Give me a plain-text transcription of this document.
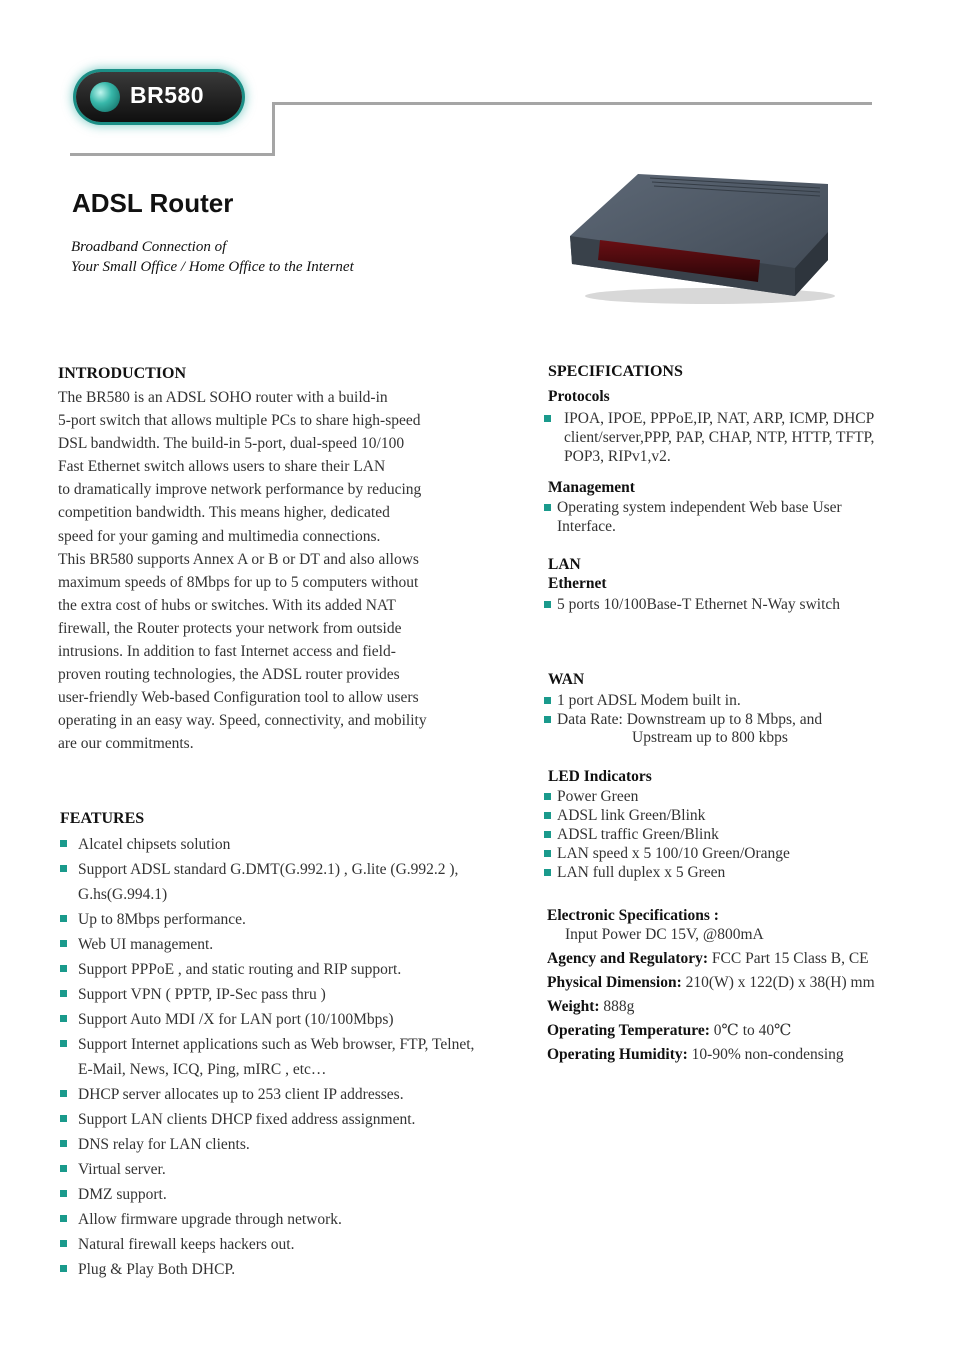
BR580
ADSL Router
Broadband Connection of
Your Small Office / Home Office to the Internet
INTRODUCTION
The BR580 is an ADSL SOHO router with a build-in
5-port switch that allows multiple PCs to share high-speed
DSL bandwidth. The build-in 5-port, dual-speed 10/100
Fast Ethernet switch allows users to share their LAN
to dramatically improve network performance by reducing
competition bandwidth. This means higher, dedicated
speed for your gaming and multimedia connections.
This BR580 supports Annex A or B or DT and also allows
maximum speeds of 8Mbps for up to 5 computers without
the extra cost of hubs or switches. With its added NAT
firewall, the Router protects your network from outside
intrusions. In addition to fast Internet access and field-
proven routing technologies, the ADSL router provides
user-friendly Web-based Configuration tool to allow users
operating in an easy way. Speed, connectivity, and mobility
are our commitments.
FEATURES
Alcatel chipsets solution
Support ADSL standard G.DMT(G.992.1) , G.lite (G.992.2 ), G.hs(G.994.1)
Up to 8Mbps performance.
Web UI management.
Support PPPoE , and static routing and RIP support.
Support VPN ( PPTP, IP-Sec pass thru )
Support Auto MDI /X for LAN port (10/100Mbps)
Support Internet applications such as Web browser, FTP, Telnet, E-Mail, News, ICQ, Ping, mIRC , etc…
DHCP server allocates up to 253 client IP addresses.
Support LAN clients DHCP fixed address assignment.
DNS relay for LAN clients.
Virtual server.
DMZ support.
Allow firmware upgrade through network.
Natural firewall keeps hackers out.
Plug & Play Both DHCP.
SPECIFICATIONS
Protocols
IPOA, IPOE, PPPoE,IP, NAT, ARP, ICMP, DHCP client/server,PPP, PAP, CHAP, NTP, HTTP, TFTP, POP3, RIPv1,v2.
Management
Operating system independent Web base User Interface.
LAN
Ethernet
5 ports 10/100Base-T Ethernet N-Way switch
WAN
1 port ADSL Modem built in.
Data Rate: Downstream up to 8 Mbps, and
Upstream up to 800 kbps
LED Indicators
Power Green
ADSL link Green/Blink
ADSL traffic Green/Blink
LAN speed x 5 100/10 Green/Orange
LAN full duplex x 5 Green
Electronic Specifications :
Input Power DC 15V, @800mA
Agency and Regulatory: FCC Part 15 Class B, CE
Physical Dimension: 210(W) x 122(D) x 38(H) mm
Weight: 888g
Operating Temperature: 0℃ to 40℃
Operating Humidity: 10-90% non-condensing
